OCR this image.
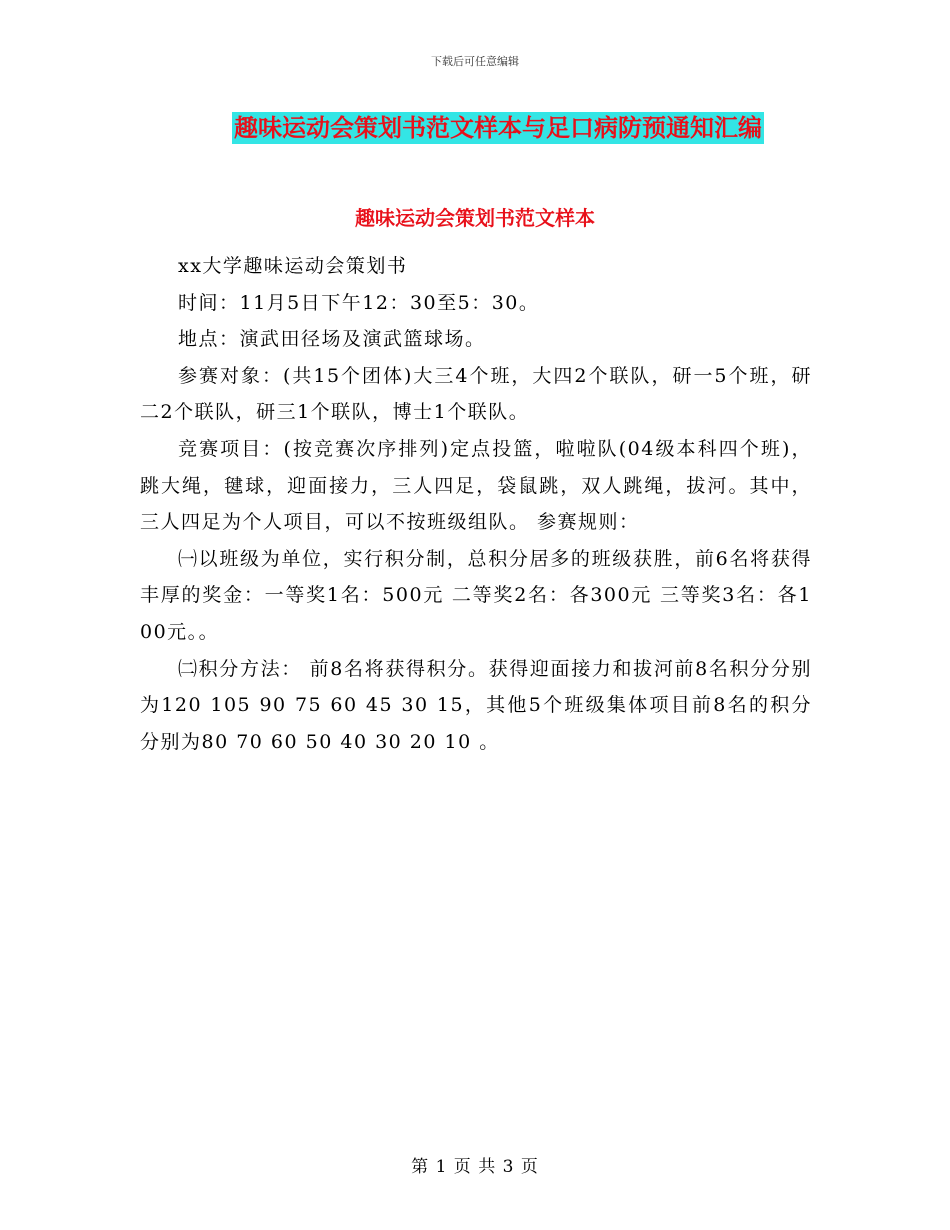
下载后可任意编辑
趣味运动会策划书范文样本与足口病防预通知汇编
趣味运动会策划书范文样本

xx大学趣味运动会策划书

时间：11月5日下午12：30至5：30。

地点：演武田径场及演武篮球场。

参赛对象：(共15个团体)大三4个班，大四2个联队，研一5个班，研二2个联队，研三1个联队，博士1个联队。

竞赛项目：(按竞赛次序排列)定点投篮，啦啦队(04级本科四个班)，跳大绳，毽球，迎面接力，三人四足，袋鼠跳，双人跳绳，拔河。其中，三人四足为个人项目，可以不按班级组队。 参赛规则：

㈠以班级为单位，实行积分制，总积分居多的班级获胜，前6名将获得丰厚的奖金：一等奖1名：500元 二等奖2名：各300元 三等奖3名：各100元。。

㈡积分方法： 前8名将获得积分。获得迎面接力和拔河前8名积分分别为120 105 90 75 60 45 30 15，其他5个班级集体项目前8名的积分分别为80 70 60 50 40 30 20 10 。

第 1 页 共 3 页
